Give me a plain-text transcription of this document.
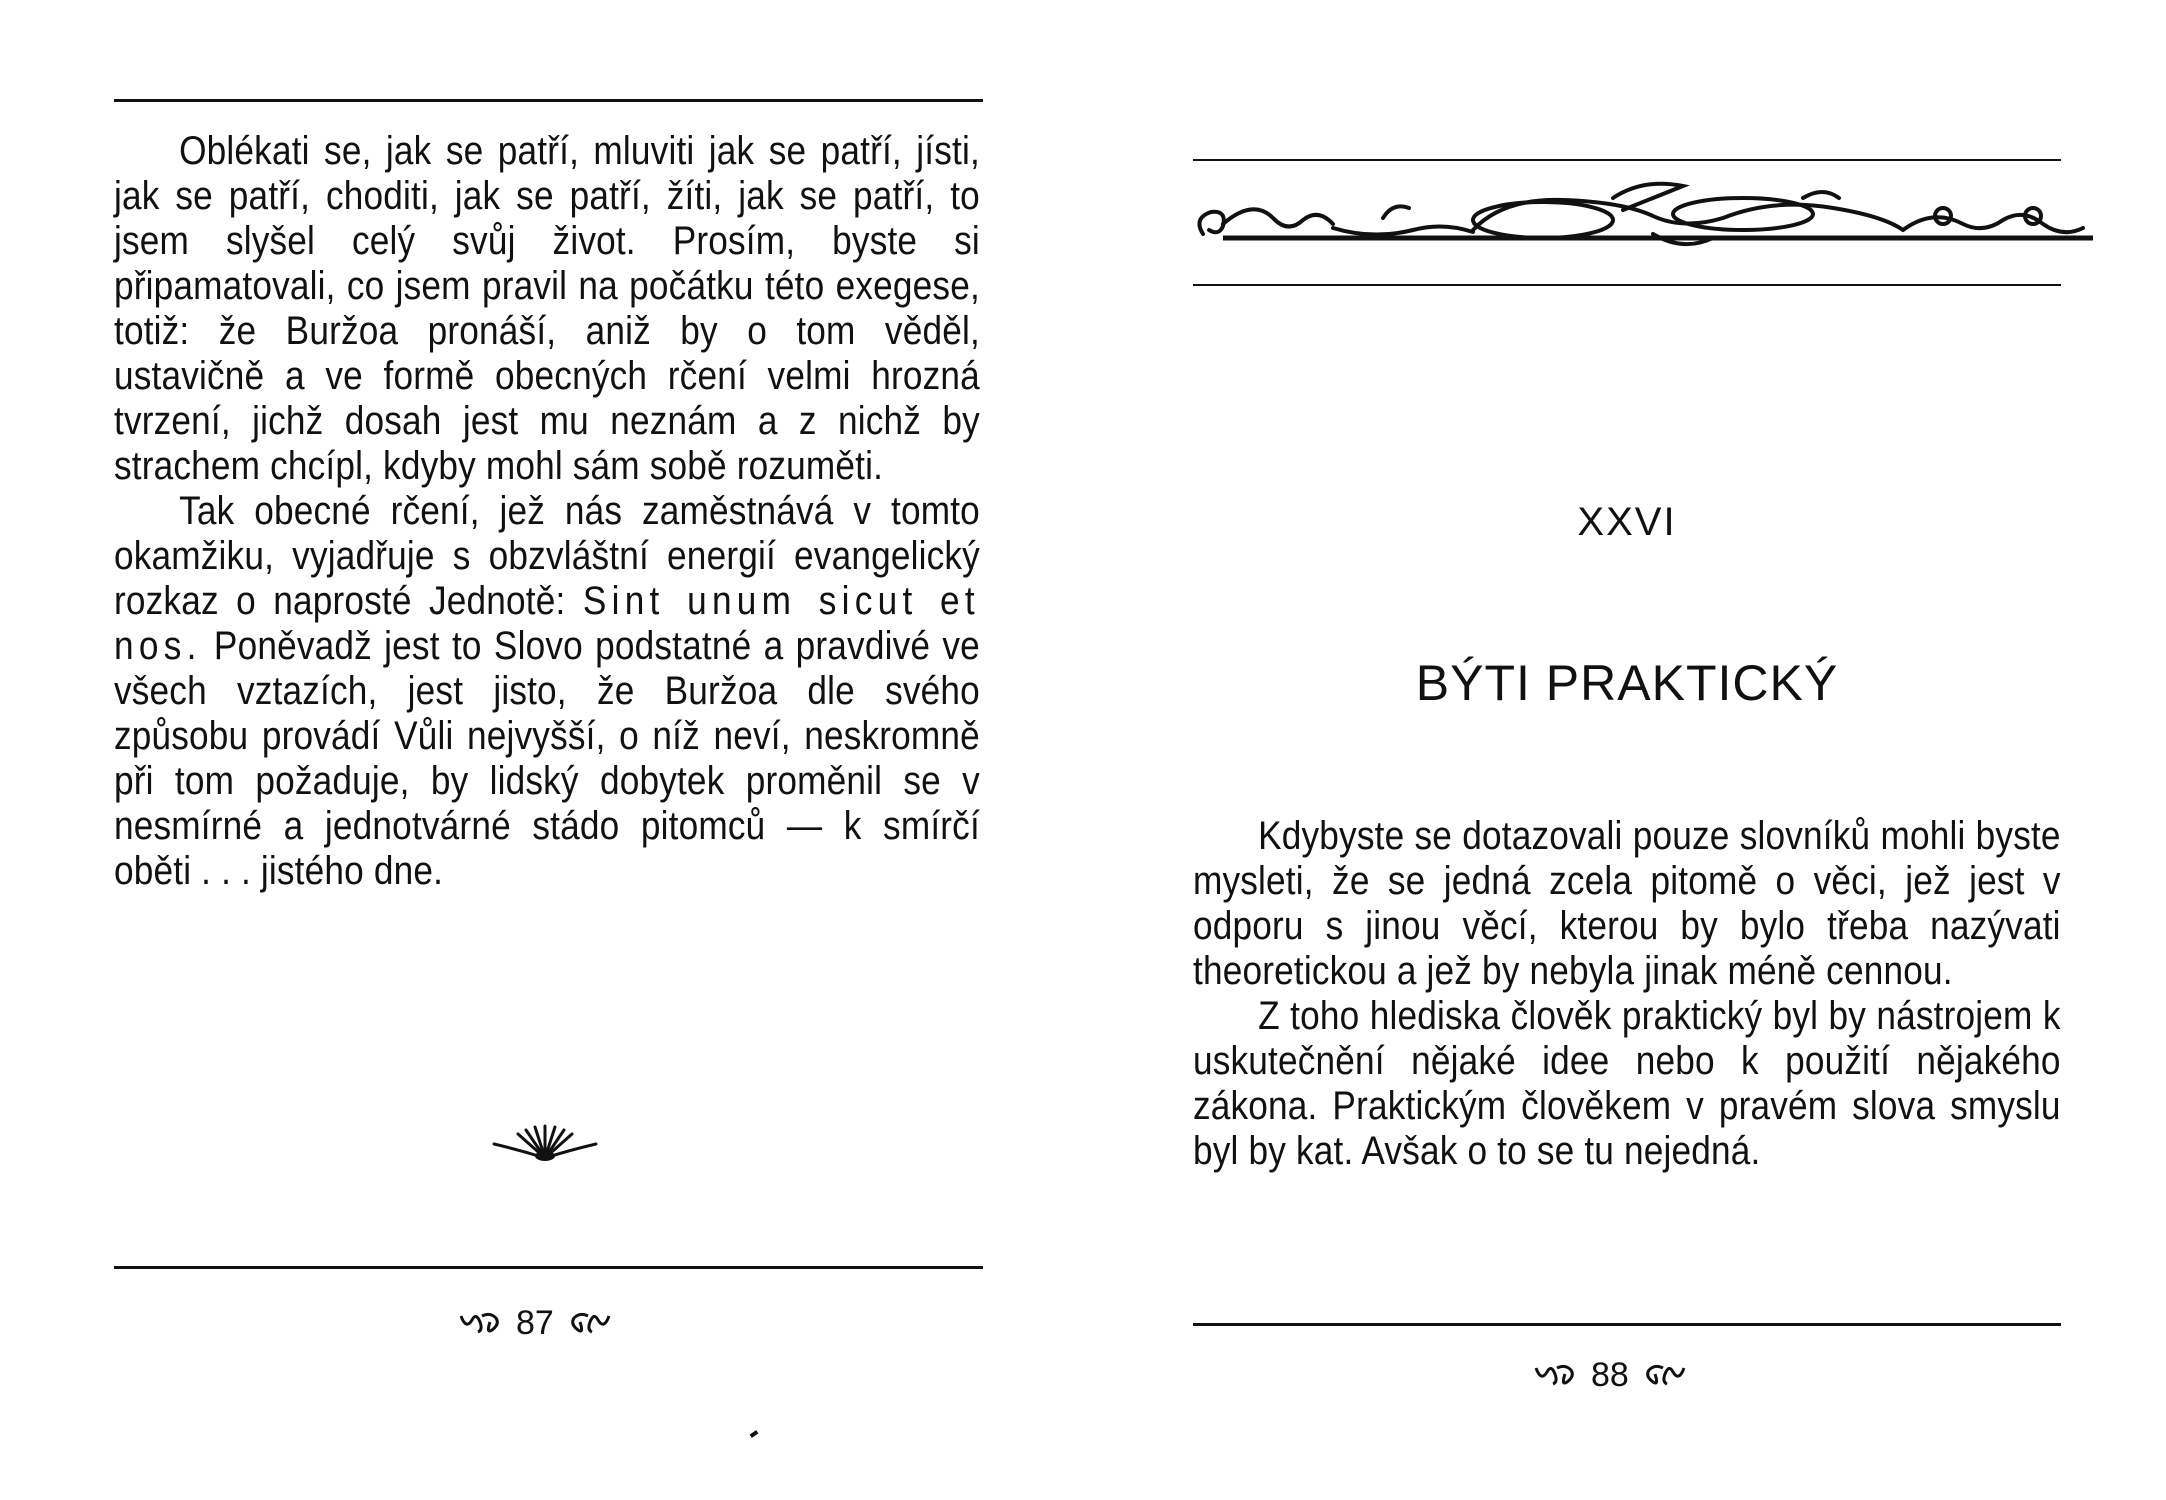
Oblékati se, jak se patří, mluviti jak se patří, jísti, jak se patří, choditi, jak se patří, žíti, jak se patří, to jsem slyšel celý svůj život. Prosím, byste si připamatovali, co jsem pravil na počátku této exegese, totiž: že Buržoa pronáší, aniž by o tom věděl, ustavičně a ve formě obecných rčení velmi hrozná tvrzení, jichž dosah jest mu neznám a z nichž by strachem chcípl, kdyby mohl sám sobě rozuměti.

Tak obecné rčení, jež nás zaměstnává v tomto okamžiku, vyjadřuje s obzvláštní energií evangelický rozkaz o naprosté Jednotě: Sint unum sicut et nos. Poněvadž jest to Slovo podstatné a pravdivé ve všech vztazích, jest jisto, že Buržoa dle svého způsobu provádí Vůli nejvyšší, o níž neví, neskromně při tom požaduje, by lidský dobytek proměnil se v nesmírné a jednotvárné stádo pitomců — k smírčí oběti . . . jistého dne.

87
XXVI
BÝTI PRAKTICKÝ

Kdybyste se dotazovali pouze slovníků mohli byste mysleti, že se jedná zcela pitomě o věci, jež jest v odporu s jinou věcí, kterou by bylo třeba nazývati theoretickou a jež by nebyla jinak méně cennou.

Z toho hlediska člověk praktický byl by nástrojem k uskutečnění nějaké idee nebo k použití nějakého zákona. Praktickým člověkem v pravém slova smyslu byl by kat. Avšak o to se tu nejedná.

88
